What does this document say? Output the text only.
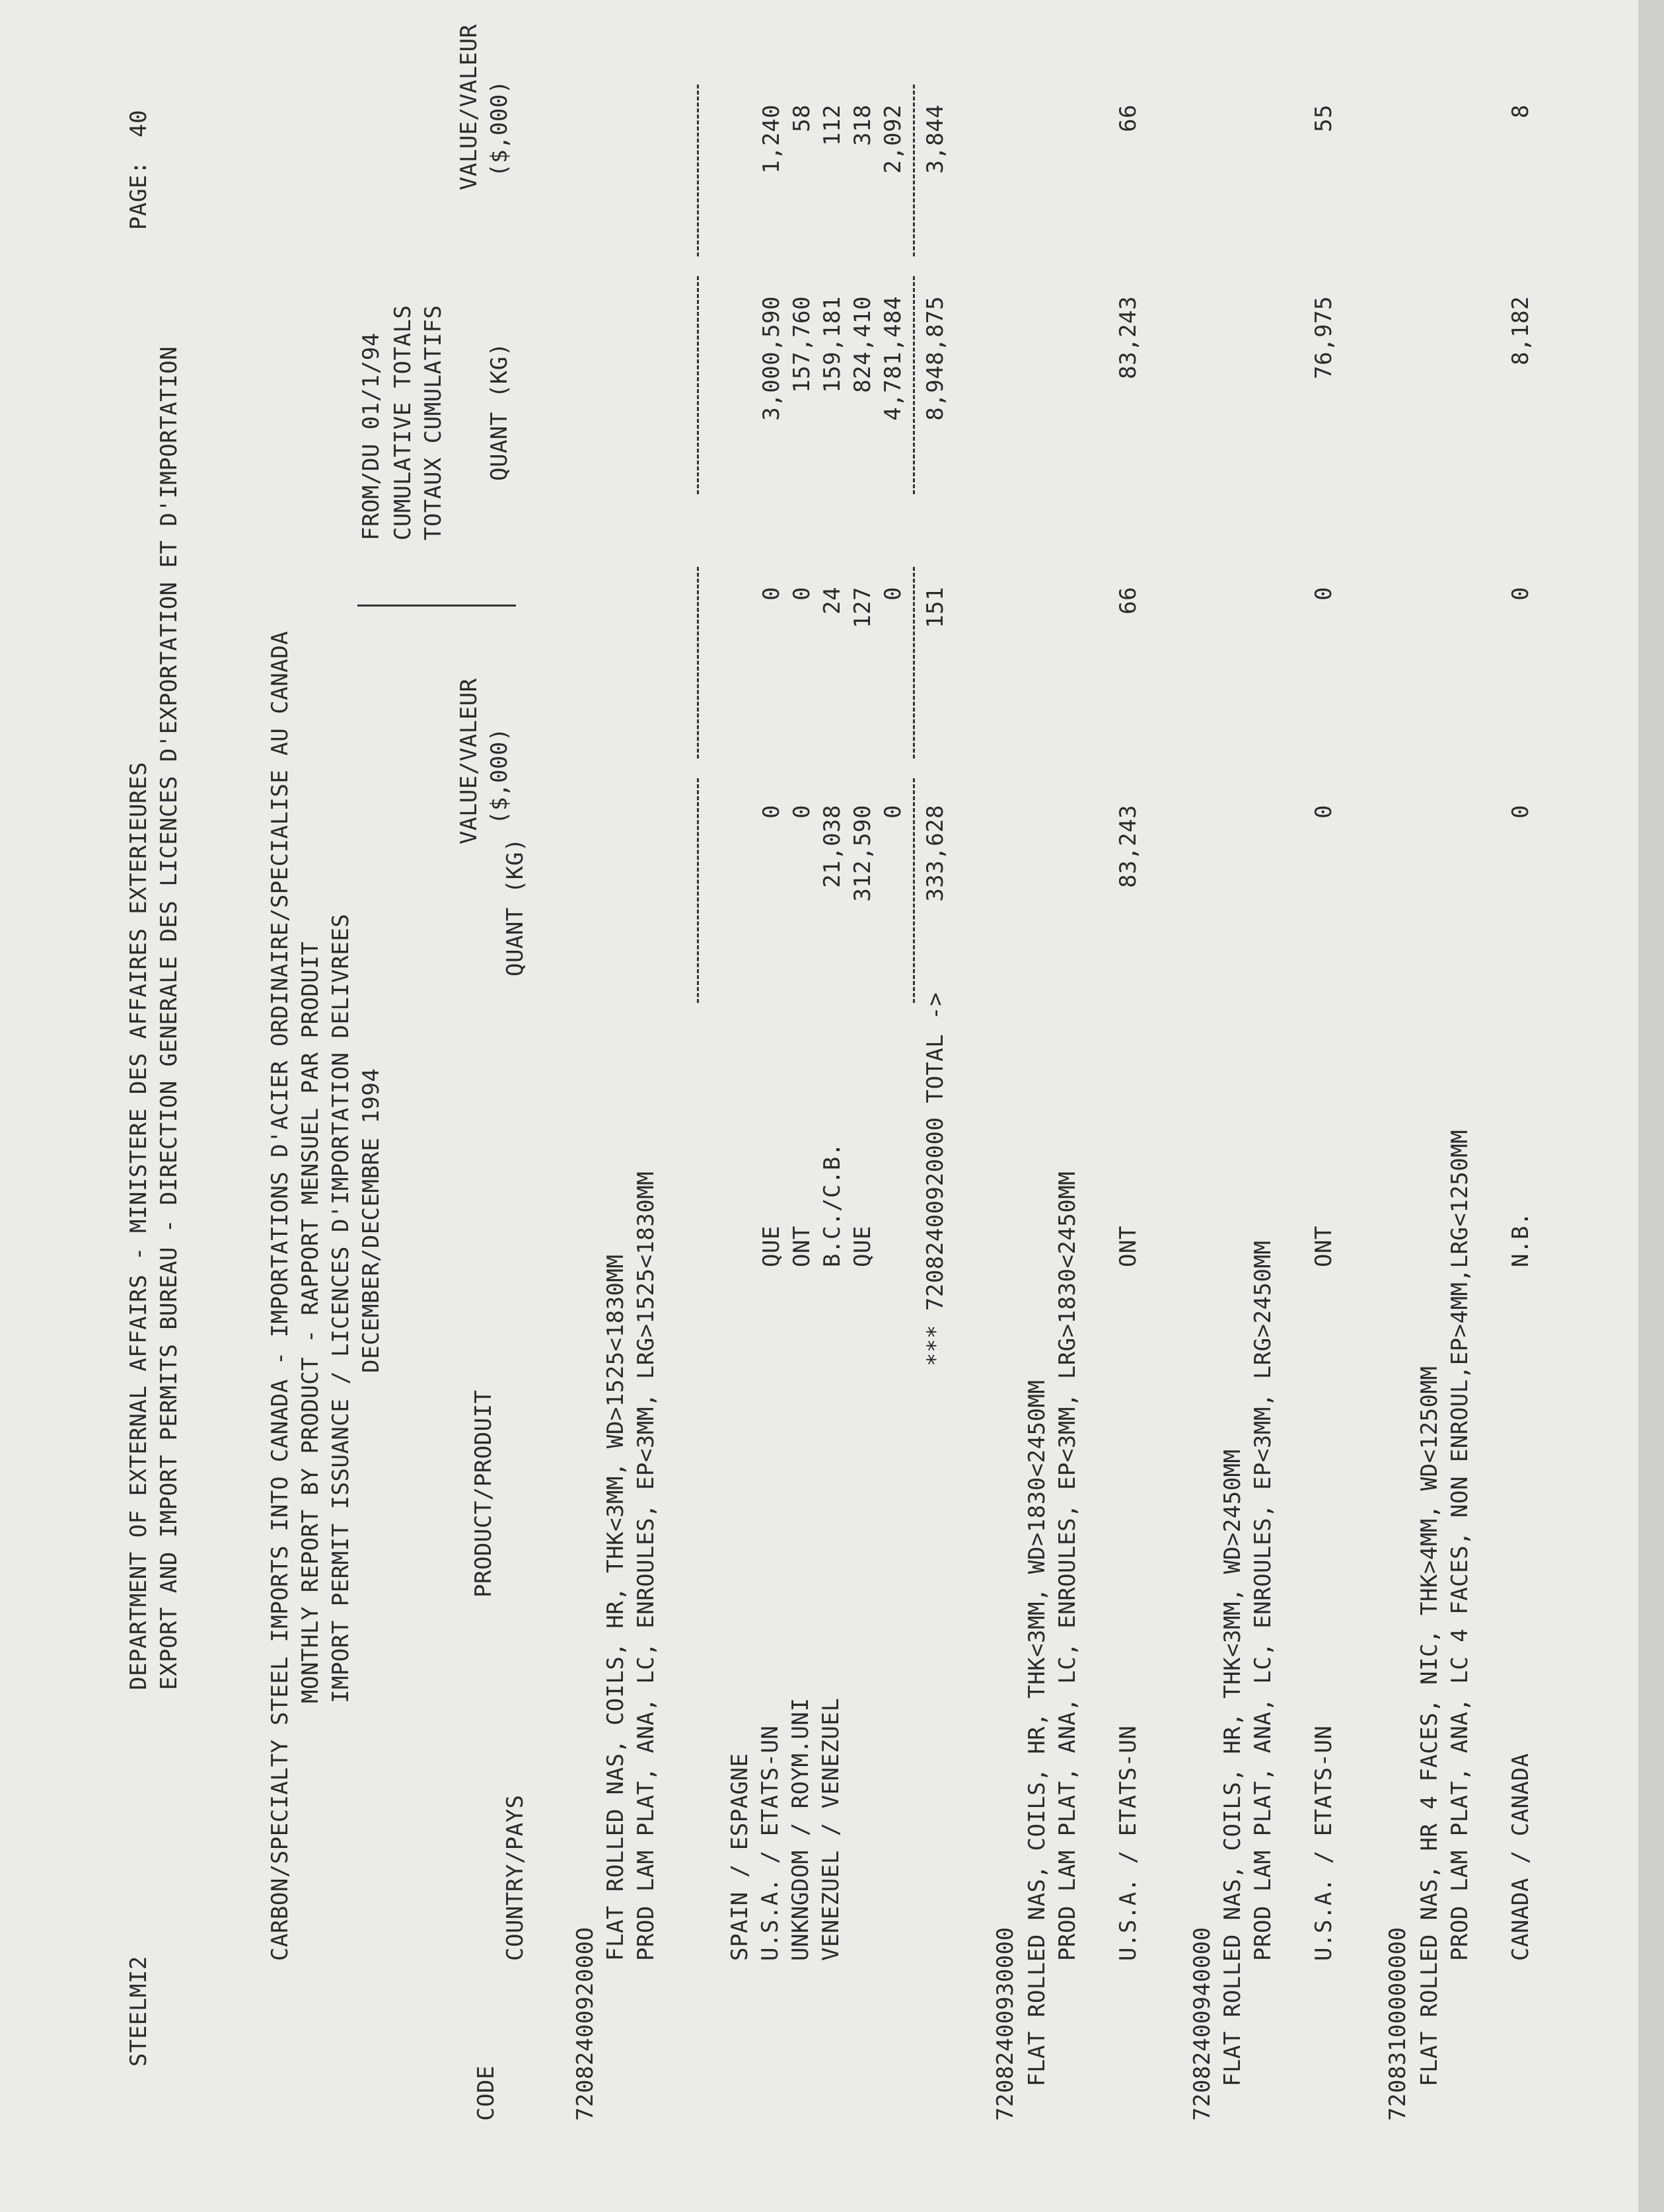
STEELMI2
DEPARTMENT OF EXTERNAL AFFAIRS - MINISTERE DES AFFAIRES EXTERIEURES EXPORT AND IMPORT PERMITS BUREAU - DIRECTION GENERALE DES LICENCES D'EXPORTATION ET D'IMPORTATION
PAGE:
40
CARBON/SPECIALTY STEEL IMPORTS INTO CANADA - IMPORTATIONS D'ACIER ORDINAIRE/SPECIALISE AU CANADA MONTHLY REPORT BY PRODUCT - RAPPORT MENSUEL PAR PRODUIT IMPORT PERMIT ISSUANCE / LICENCES D'IMPORTATION DELIVREES DECEMBER/DECEMBRE 1994
FROM/DU 01/1/94 CUMULATIVE TOTALS TOTAUX CUMULATIFS
VALUE/VALEUR ($,000)
VALUE/VALEUR ($,000)
PRODUCT/PRODUIT
QUANT (KG)
QUANT (KG)
COUNTRY/PAYS
CODE	7208240092000O
FLAT ROLLED NAS, COILS, HR, THK<3MM, WD>1525<1830MM PROD LAM PLAT, ANA, LC, ENROULES, EP<3MM, LRG>1525<1830MM	SPAIN / ESPAGNE
QUE
0
0
3,000,590
1,240
U.S.A. / ETATS-UN
ONT
0
0
157,760
58
UNKNGDOM / ROYM.UNI
B.C./C.B.
21,038
24
159,181
112
VENEZUEL / VENEZUEL
QUE
312,590
127
824,410
318
0
0
4,781,484
2,092
*** 72082400920000 TOTAL ->
333,628
151
8,948,875
3,844
72082400930000 FLAT ROLLED NAS, COILS, HR, THK<3MM, WD>1830<2450MM PROD LAM PLAT, ANA, LC, ENROULES, EP<3MM, LRG>1830<2450MM U.S.A. / ETATS-UN
ONT
83,243
66
83,243
66
72082400940000 FLAT ROLLED NAS, COILS, HR, THK<3MM, WD>2450MM PROD LAM PLAT, ANA, LC, ENROULES, EP<3MM, LRG>2450MM U.S.A. / ETATS-UN
ONT
0
0
76,975
55
72083100000000 FLAT ROLLED NAS, HR 4 FACES, NIC, THK>4MM, WD<1250MM PROD LAM PLAT, ANA, LC 4 FACES, NON ENROUL,EP>4MM,LRG<1250MM CANADA / CANADA
N.B.
0
0
8,182
8
